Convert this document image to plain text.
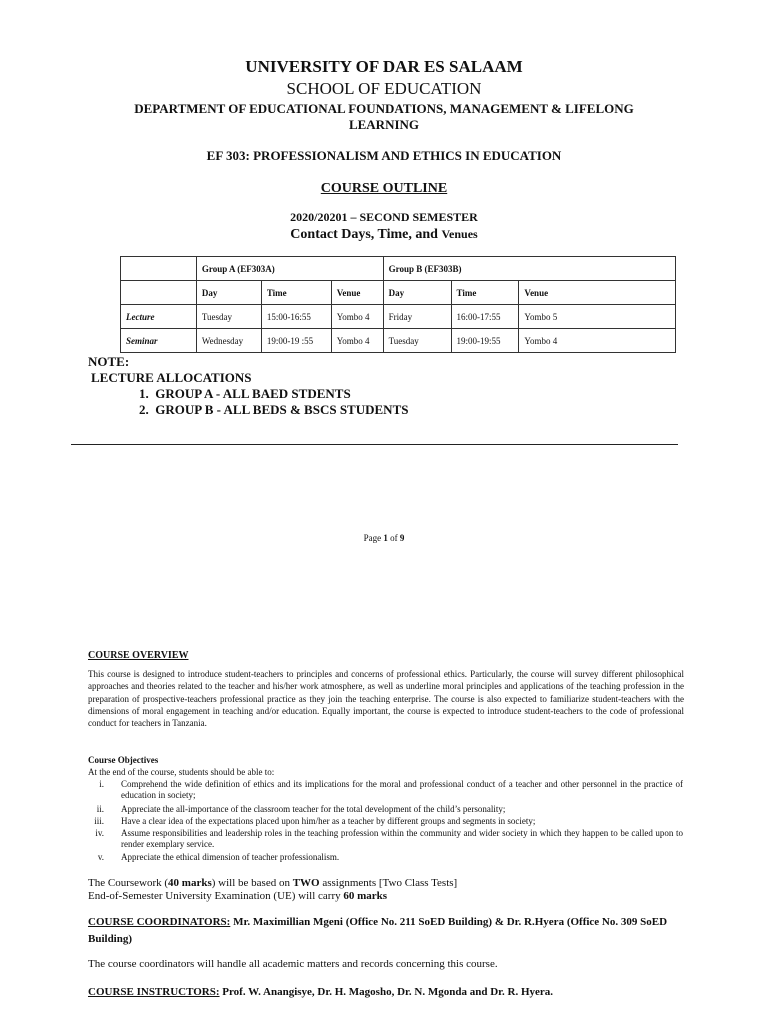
UNIVERSITY OF DAR ES SALAAM
SCHOOL OF EDUCATION
DEPARTMENT OF EDUCATIONAL FOUNDATIONS, MANAGEMENT & LIFELONG
LEARNING
EF 303: PROFESSIONALISM AND ETHICS IN EDUCATION
COURSE OUTLINE
2020/20201 – SECOND SEMESTER
Contact Days, Time, and Venues
	Group A (EF303A)			Group B (EF303B)		
	Day	Time	Venue	Day	Time	Venue
Lecture	Tuesday	15:00-16:55	Yombo 4	Friday	16:00-17:55	Yombo 5
Seminar	Wednesday	19:00-19 :55	Yombo 4	Tuesday	19:00-19:55	Yombo 4
NOTE:
LECTURE ALLOCATIONS
1. GROUP A - ALL BAED STDENTS
2. GROUP B - ALL BEDS & BSCS STUDENTS
Page 1 of 9
COURSE OVERVIEW
This course is designed to introduce student-teachers to principles and concerns of professional ethics. Particularly, the course will survey different philosophical approaches and theories related to the teacher and his/her work atmosphere, as well as underline moral principles and applications of the teaching profession in the preparation of prospective-teachers professional practice as they join the teaching enterprise. The course is also expected to familiarize student-teachers with the dimensions of moral engagement in teaching and/or education. Equally important, the course is expected to introduce student-teachers to the code of professional conduct for teachers in Tanzania.
Course Objectives
At the end of the course, students should be able to:
i. Comprehend the wide definition of ethics and its implications for the moral and professional conduct of a teacher and other personnel in the practice of education in society;
ii. Appreciate the all-importance of the classroom teacher for the total development of the child’s personality;
iii. Have a clear idea of the expectations placed upon him/her as a teacher by different groups and segments in society;
iv. Assume responsibilities and leadership roles in the teaching profession within the community and wider society in which they happen to be called upon to render exemplary service.
v. Appreciate the ethical dimension of teacher professionalism.
The Coursework (40 marks) will be based on TWO assignments [Two Class Tests]
End-of-Semester University Examination (UE) will carry 60 marks
COURSE COORDINATORS: Mr. Maximillian Mgeni (Office No. 211 SoED Building) & Dr. R.Hyera (Office No. 309 SoED Building)
The course coordinators will handle all academic matters and records concerning this course.
COURSE INSTRUCTORS: Prof. W. Anangisye, Dr. H. Magosho, Dr. N. Mgonda and Dr. R. Hyera.
